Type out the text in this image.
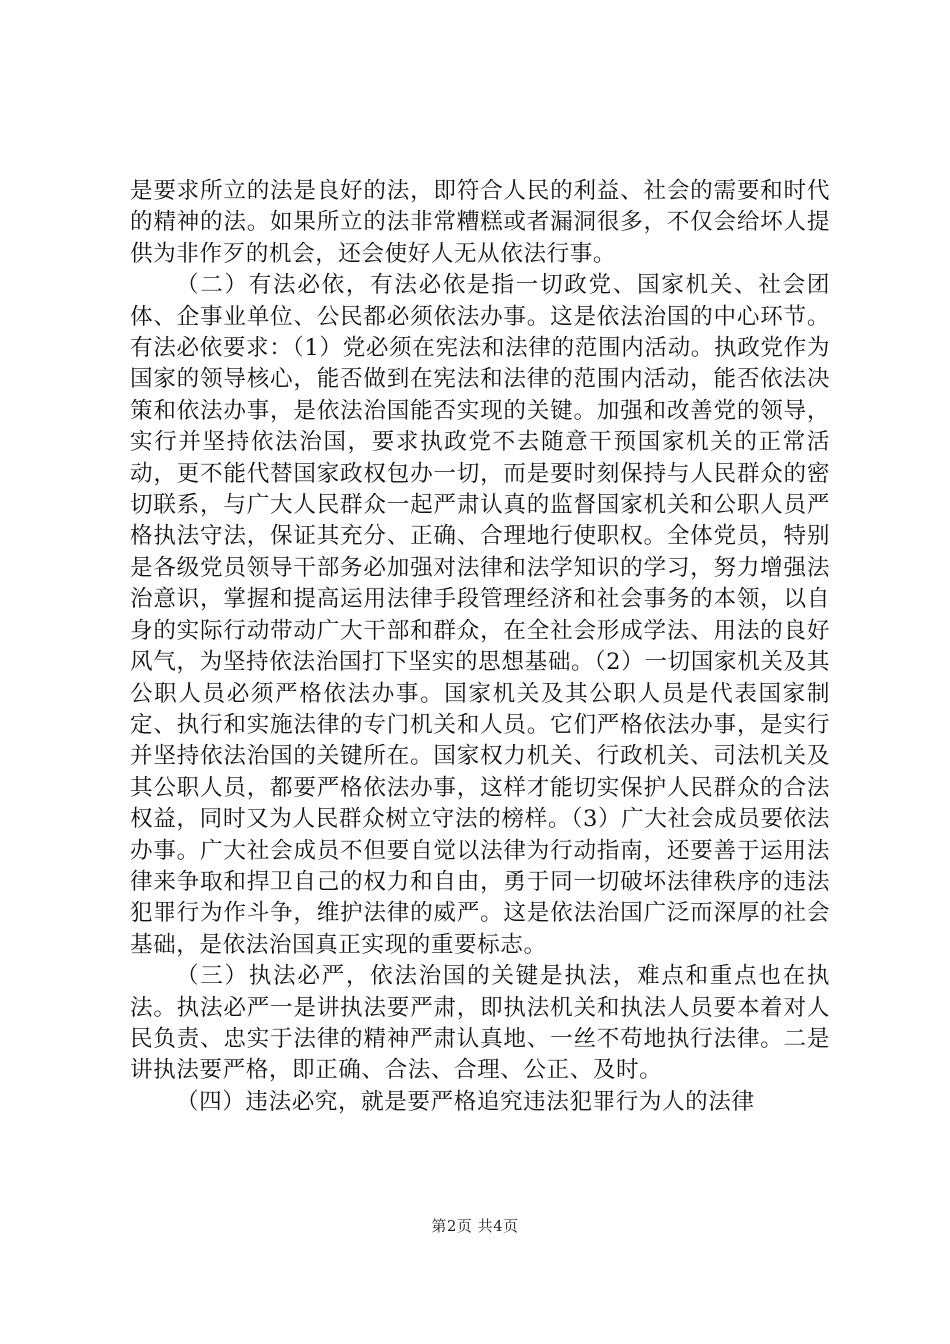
是要求所立的法是良好的法，即符合人民的利益、社会的需要和时代的精神的法。如果所立的法非常糟糕或者漏洞很多，不仅会给坏人提供为非作歹的机会，还会使好人无从依法行事。

（二）有法必依，有法必依是指一切政党、国家机关、社会团体、企事业单位、公民都必须依法办事。这是依法治国的中心环节。有法必依要求：（1）党必须在宪法和法律的范围内活动。执政党作为国家的领导核心，能否做到在宪法和法律的范围内活动，能否依法决策和依法办事，是依法治国能否实现的关键。加强和改善党的领导，实行并坚持依法治国，要求执政党不去随意干预国家机关的正常活动，更不能代替国家政权包办一切，而是要时刻保持与人民群众的密切联系，与广大人民群众一起严肃认真的监督国家机关和公职人员严格执法守法，保证其充分、正确、合理地行使职权。全体党员，特别是各级党员领导干部务必加强对法律和法学知识的学习，努力增强法治意识，掌握和提高运用法律手段管理经济和社会事务的本领，以自身的实际行动带动广大干部和群众，在全社会形成学法、用法的良好风气，为坚持依法治国打下坚实的思想基础。（2）一切国家机关及其公职人员必须严格依法办事。国家机关及其公职人员是代表国家制定、执行和实施法律的专门机关和人员。它们严格依法办事，是实行并坚持依法治国的关键所在。国家权力机关、行政机关、司法机关及其公职人员，都要严格依法办事，这样才能切实保护人民群众的合法权益，同时又为人民群众树立守法的榜样。（3）广大社会成员要依法办事。广大社会成员不但要自觉以法律为行动指南，还要善于运用法律来争取和捍卫自己的权力和自由，勇于同一切破坏法律秩序的违法犯罪行为作斗争，维护法律的威严。这是依法治国广泛而深厚的社会基础，是依法治国真正实现的重要标志。

（三）执法必严，依法治国的关键是执法，难点和重点也在执法。执法必严一是讲执法要严肃，即执法机关和执法人员要本着对人民负责、忠实于法律的精神严肃认真地、一丝不苟地执行法律。二是讲执法要严格，即正确、合法、合理、公正、及时。

（四）违法必究，就是要严格追究违法犯罪行为人的法律

第2页 共4页
